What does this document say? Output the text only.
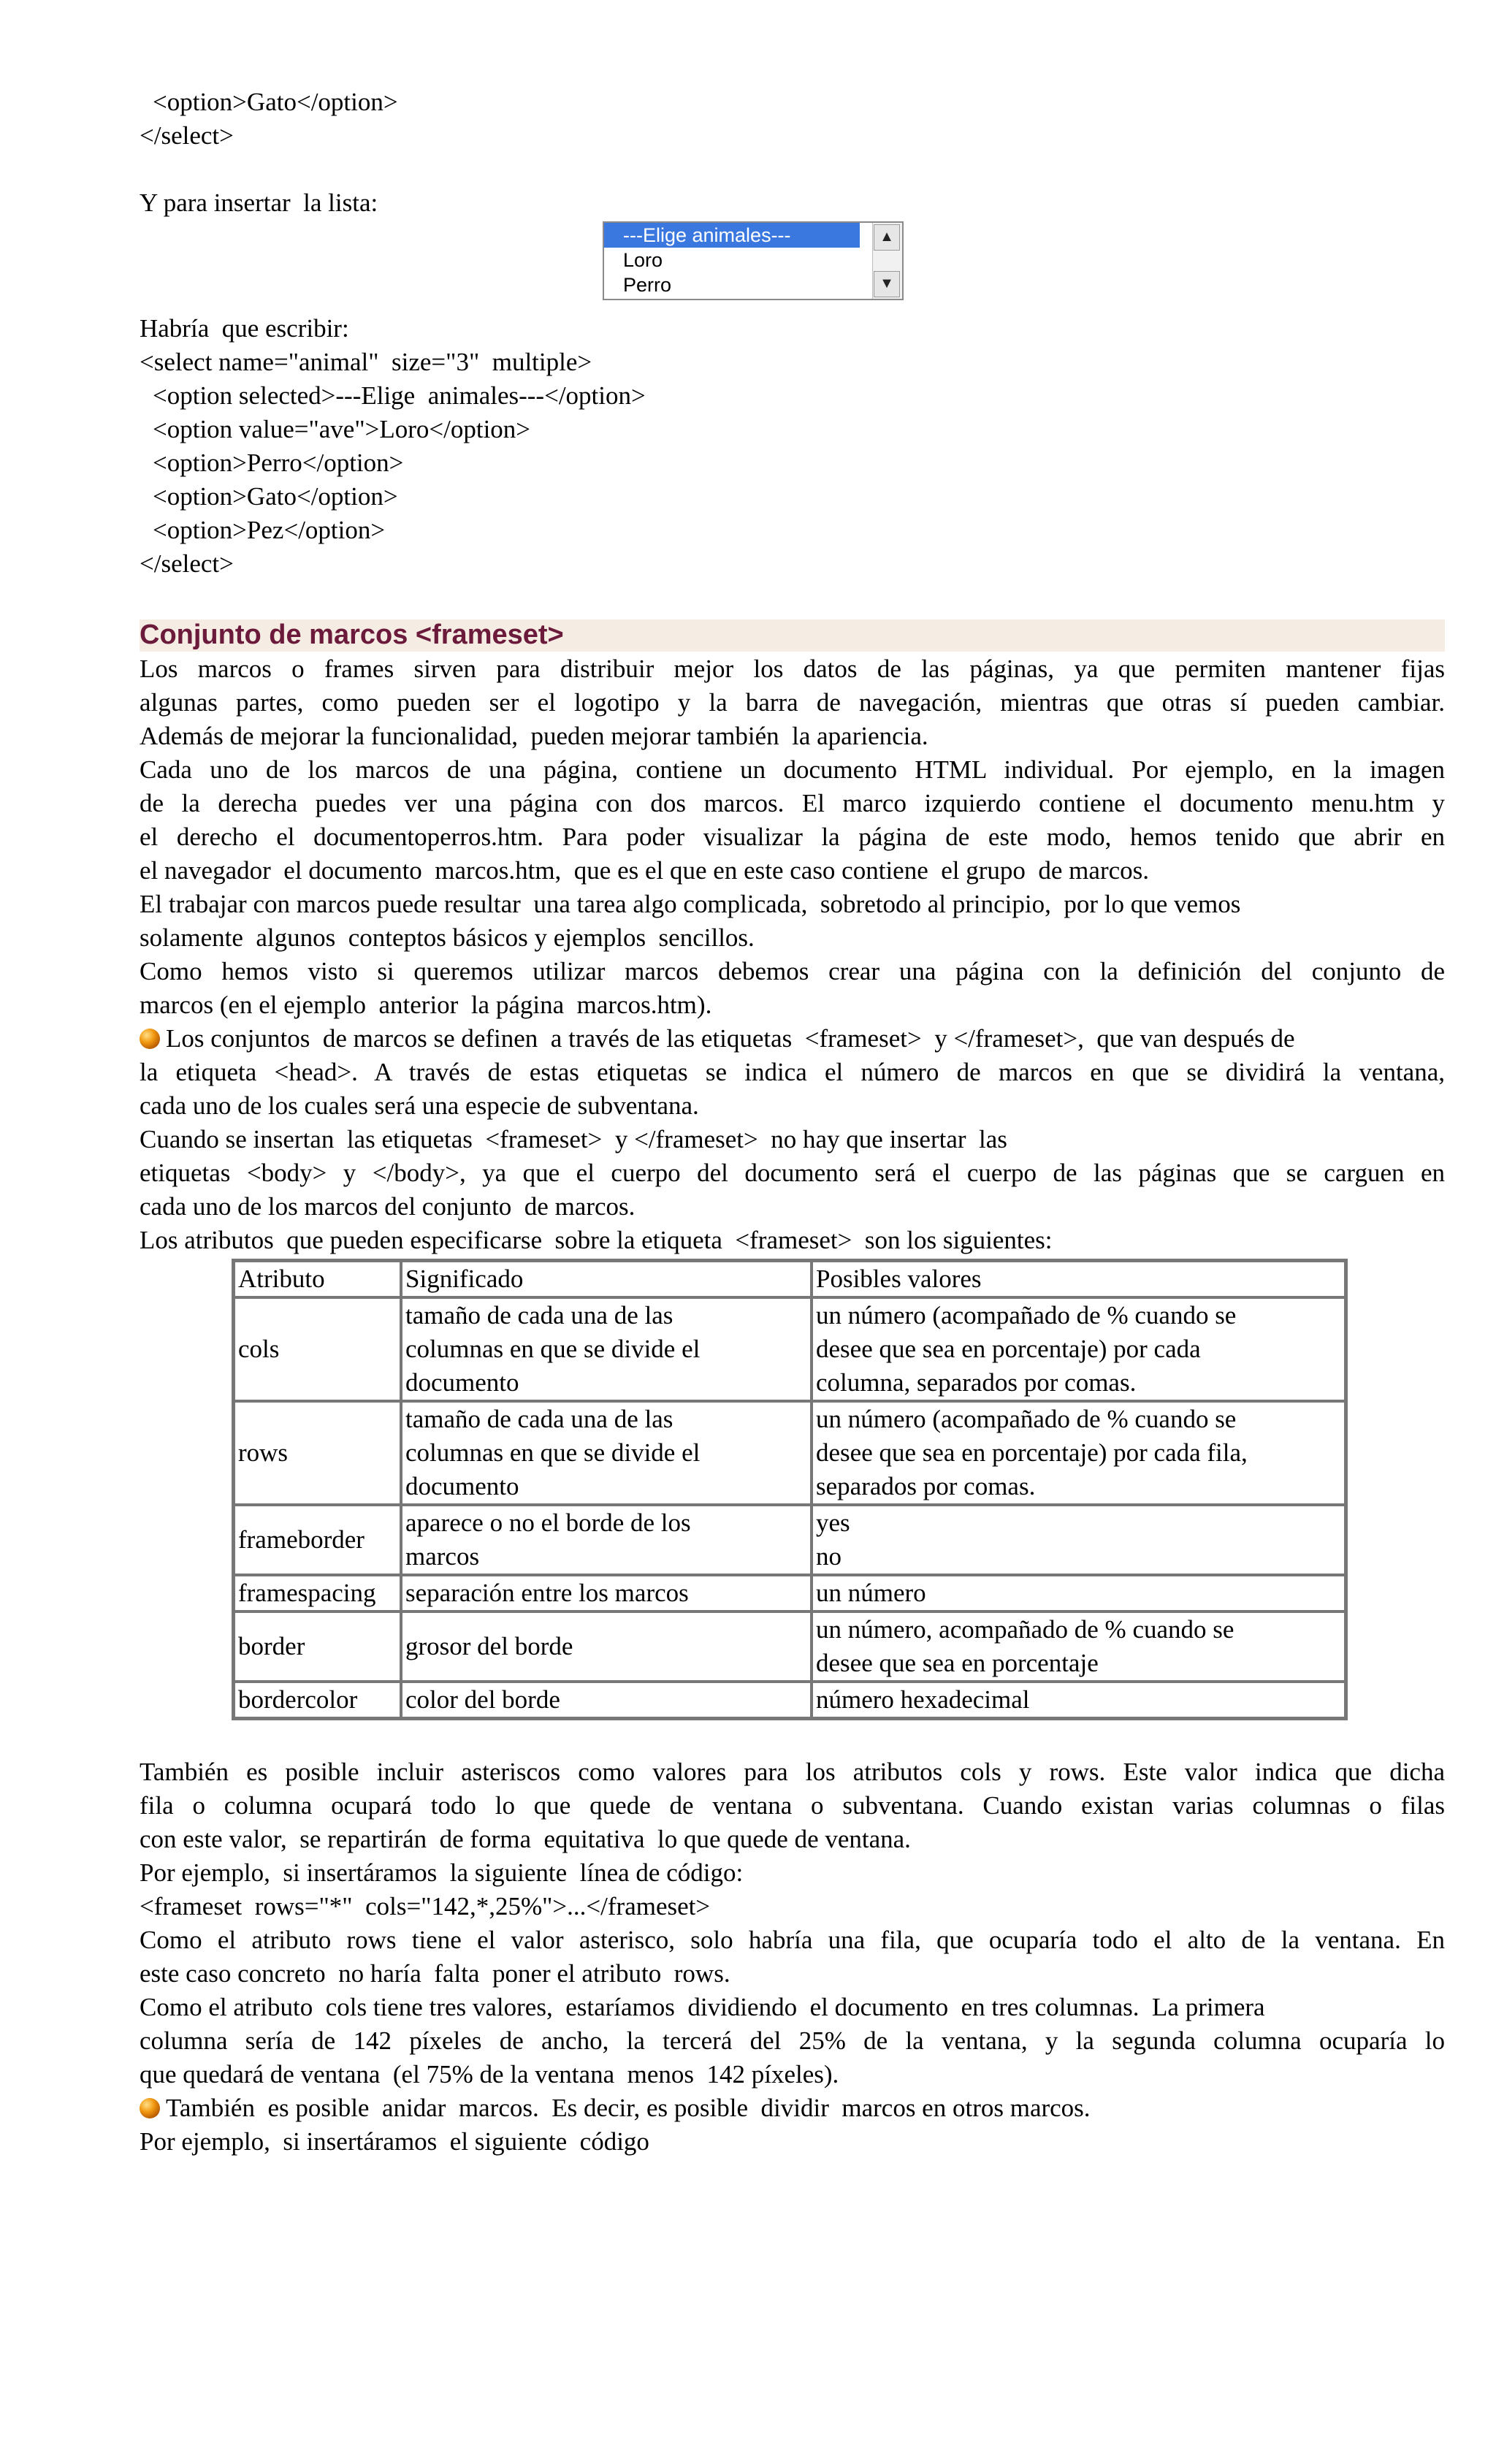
<option>Gato</option>

</select>

Y para insertar  la lista:

---Elige animales---
Loro
Perro
▲
▼

Habría  que escribir:

<select name="animal"  size="3"  multiple>

<option selected>---Elige  animales---</option>

<option value="ave">Loro</option>

<option>Perro</option>

<option>Gato</option>

<option>Pez</option>

</select>

Conjunto de marcos <frameset>

Los marcos o frames sirven para distribuir mejor los datos de las páginas, ya que permiten mantener fijas

algunas partes, como pueden ser el logotipo y la barra de navegación, mientras que otras sí pueden cambiar.

Además de mejorar la funcionalidad,  pueden mejorar también  la apariencia.

Cada uno de los marcos de una página, contiene un documento HTML individual. Por ejemplo, en la imagen

de la derecha puedes ver una página con dos marcos. El marco izquierdo contiene el documento menu.htm y

el derecho el documentoperros.htm. Para poder visualizar la página de este modo, hemos tenido que abrir en

el navegador  el documento  marcos.htm,  que es el que en este caso contiene  el grupo  de marcos.

El trabajar con marcos puede resultar  una tarea algo complicada,  sobretodo al principio,  por lo que vemos

solamente  algunos  conteptos básicos y ejemplos  sencillos.

Como hemos visto si queremos utilizar marcos debemos crear una página con la definición del conjunto de

marcos (en el ejemplo  anterior  la página  marcos.htm).

Los conjuntos  de marcos se definen  a través de las etiquetas  <frameset>  y </frameset>,  que van después de

la etiqueta <head>. A través de estas etiquetas se indica el número de marcos en que se dividirá la ventana,

cada uno de los cuales será una especie de subventana.

Cuando se insertan  las etiquetas  <frameset>  y </frameset>  no hay que insertar  las

etiquetas <body> y </body>, ya que el cuerpo del documento será el cuerpo de las páginas que se carguen en

cada uno de los marcos del conjunto  de marcos.

Los atributos  que pueden especificarse  sobre la etiqueta  <frameset>  son los siguientes:

Atributo	Significado	Posibles valores
cols	tamaño de cada una de las
columnas en que se divide el
documento	un número (acompañado de % cuando se
desee que sea en porcentaje) por cada
columna, separados por comas.
rows	tamaño de cada una de las
columnas en que se divide el
documento	un número (acompañado de % cuando se
desee que sea en porcentaje) por cada fila,
separados por comas.
frameborder	aparece o no el borde de los
marcos	yes
no
framespacing	separación entre los marcos	un número
border	grosor del borde	un número, acompañado de % cuando se
desee que sea en porcentaje
bordercolor	color del borde	número hexadecimal

También es posible incluir asteriscos como valores para los atributos cols y rows. Este valor indica que dicha

fila o columna ocupará todo lo que quede de ventana o subventana. Cuando existan varias columnas o filas

con este valor,  se repartirán  de forma  equitativa  lo que quede de ventana.

Por ejemplo,  si insertáramos  la siguiente  línea de código:

<frameset  rows="*"  cols="142,*,25%">...</frameset>

Como el atributo rows tiene el valor asterisco, solo habría una fila, que ocuparía todo el alto de la ventana. En

este caso concreto  no haría  falta  poner el atributo  rows.

Como el atributo  cols tiene tres valores,  estaríamos  dividiendo  el documento  en tres columnas.  La primera

columna sería de 142 píxeles de ancho, la tercerá del 25% de la ventana, y la segunda columna ocuparía lo

que quedará de ventana  (el 75% de la ventana  menos  142 píxeles).

También  es posible  anidar  marcos.  Es decir, es posible  dividir  marcos en otros marcos.

Por ejemplo,  si insertáramos  el siguiente  código
